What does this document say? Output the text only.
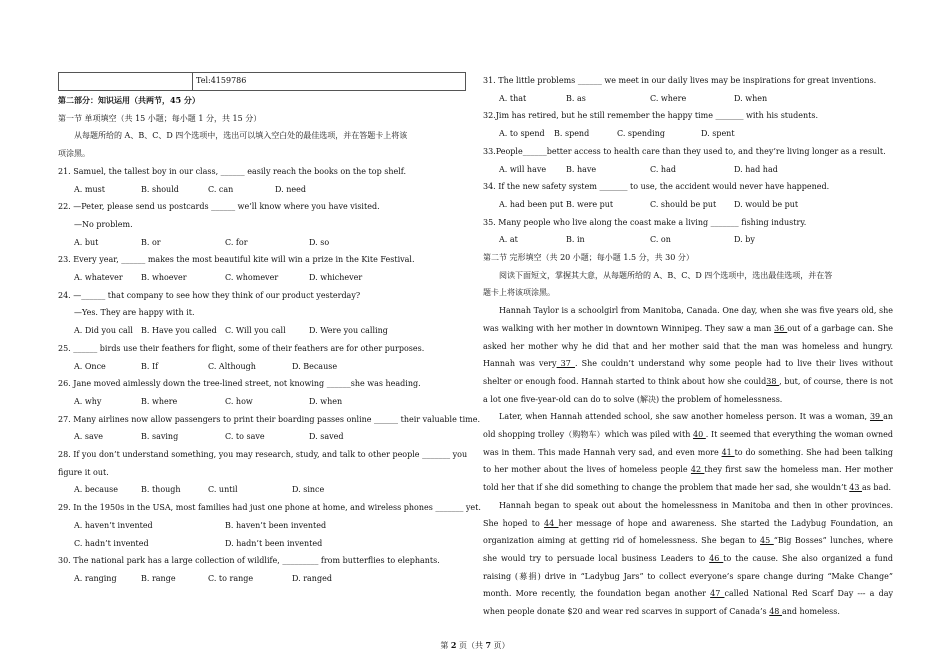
Tel:4159786

第二部分：知识运用（共两节，45 分）

第一节 单项填空（共 15 小题；每小题 1 分，共 15 分）

从每题所给的 A、B、C、D 四个选项中，选出可以填入空白处的最佳选项，并在答题卡上将该

项涂黑。

21. Samuel, the tallest boy in our class, ______ easily reach the books on the top shelf.

A. must	B. should	C. can	D. need

22. —Peter, please send us postcards ______ we’ll know where you have visited.

—No problem.

A. but	B. or	C. for	D. so

23. Every year, ______ makes the most beautiful kite will win a prize in the Kite Festival.

A. whatever	B. whoever	C. whomever	D. whichever

24. —______ that company to see how they think of our product yesterday?

—Yes. They are happy with it.

A. Did you call	B. Have you called	C. Will you call	D. Were you calling

25. ______ birds use their feathers for flight, some of their feathers are for other purposes.

A. Once	B. If	C. Although	D. Because

26. Jane moved aimlessly down the tree-lined street, not knowing ______she was heading.

A. why	B. where	C. how	D. when

27. Many airlines now allow passengers to print their boarding passes online ______ their valuable time.

A. save	B. saving	C. to save	D. saved

28. If you don’t understand something, you may research, study, and talk to other people _______ you

figure it out.

A. because	B. though	C. until	D. since

29. In the 1950s in the USA, most families had just one phone at home, and wireless phones _______ yet.

A. haven’t invented	B. haven’t been invented
C. hadn’t invented	D. hadn’t been invented

30. The national park has a large collection of wildlife, _________ from butterflies to elephants.

A. ranging	B. range	C. to range	D. ranged

31. The little problems ______ we meet in our daily lives may be inspirations for great inventions.

A. that	B. as	C. where	D. when

32.Jim has retired, but he still remember the happy time _______ with his students.

A. to spend	B. spend	C. spending	D. spent

33.People______better access to health care than they used to, and they’re living longer as a result.

A. will have	B. have	C. had	D. had had

34. If the new safety system _______ to use, the accident would never have happened.

A. had been put B. were put	C. should be put	D. would be put

35. Many people who live along the coast make a living _______ fishing industry.

A. at	B. in	C. on	D. by

第二节 完形填空（共 20 小题；每小题 1.5 分，共 30 分）

阅读下面短文，掌握其大意，从每题所给的 A、B、C、D 四个选项中，选出最佳选项，并在答

题卡上将该项涂黑。

Hannah Taylor is a schoolgirl from Manitoba, Canada. One day, when she was five years old, she was walking with her mother in downtown Winnipeg. They saw a man 36 out of a garbage can. She asked her mother why he did that and her mother said that the man was homeless and hungry. Hannah was very 37 . She couldn’t understand why some people had to live their lives without shelter or enough food. Hannah started to think about how she could38 , but, of course, there is not a lot one five-year-old can do to solve (解决) the problem of homelessness.

Later, when Hannah attended school, she saw another homeless person. It was a woman, 39 an old shopping trolley（购物车）which was piled with 40 . It seemed that everything the woman owned was in them. This made Hannah very sad, and even more 41 to do something. She had been talking to her mother about the lives of homeless people 42 they first saw the homeless man. Her mother told her that if she did something to change the problem that made her sad, she wouldn’t 43 as bad.

Hannah began to speak out about the homelessness in Manitoba and then in other provinces. She hoped to 44 her message of hope and awareness. She started the Ladybug Foundation, an organization aiming at getting rid of homelessness. She began to 45 “Big Bosses” lunches, where she would try to persuade local business Leaders to 46 to the cause. She also organized a fund raising (募捐) drive in “Ladybug Jars” to collect everyone’s spare change during “Make Change” month. More recently, the foundation began another 47 called National Red Scarf Day --- a day when people donate $20 and wear red scarves in support of Canada’s 48 and homeless.

第 2 页（共 7 页）
